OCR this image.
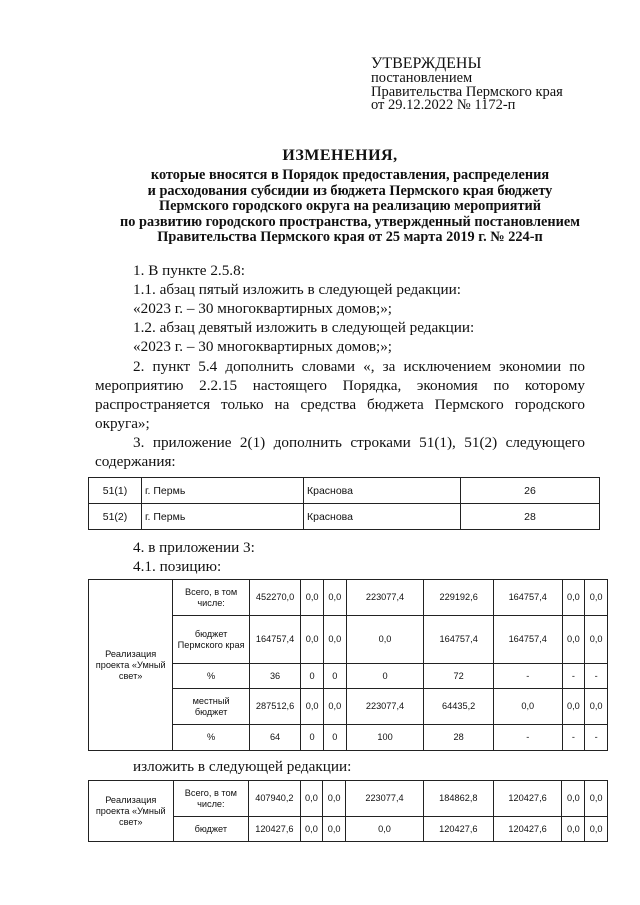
УТВЕРЖДЕНЫ
постановлением
Правительства Пермского края
от 29.12.2022 № 1172-п
ИЗМЕНЕНИЯ,
которые вносятся в Порядок предоставления, распределения
и расходования субсидии из бюджета Пермского края бюджету
Пермского городского округа на реализацию мероприятий
по развитию городского пространства, утвержденный постановлением
Правительства Пермского края от 25 марта 2019 г. № 224-п
1. В пункте 2.5.8:
1.1. абзац пятый изложить в следующей редакции:
«2023 г. – 30 многоквартирных домов;»;
1.2. абзац девятый изложить в следующей редакции:
«2023 г. – 30 многоквартирных домов;»;
2. пункт 5.4 дополнить словами «, за исключением экономии по мероприятию 2.2.15 настоящего Порядка, экономия по которому распространяется только на средства бюджета Пермского городского округа»;
3. приложение 2(1) дополнить строками 51(1), 51(2) следующего содержания:
51(1)	г. Пермь	Краснова	26
51(2)	г. Пермь	Краснова	28
4. в приложении 3:
4.1. позицию:
Реализация проекта «Умный свет»	Всего, в том числе:	452270,0	0,0	0,0	223077,4	229192,6	164757,4	0,0	0,0
	бюджет Пермского края	164757,4	0,0	0,0	0,0	164757,4	164757,4	0,0	0,0
	%	36	0	0	0	72	-	-	-
	местный бюджет	287512,6	0,0	0,0	223077,4	64435,2	0,0	0,0	0,0
	%	64	0	0	100	28	-	-	-
изложить в следующей редакции:
Реализация проекта «Умный свет»	Всего, в том числе:	407940,2	0,0	0,0	223077,4	184862,8	120427,6	0,0	0,0
	бюджет	120427,6	0,0	0,0	0,0	120427,6	120427,6	0,0	0,0
